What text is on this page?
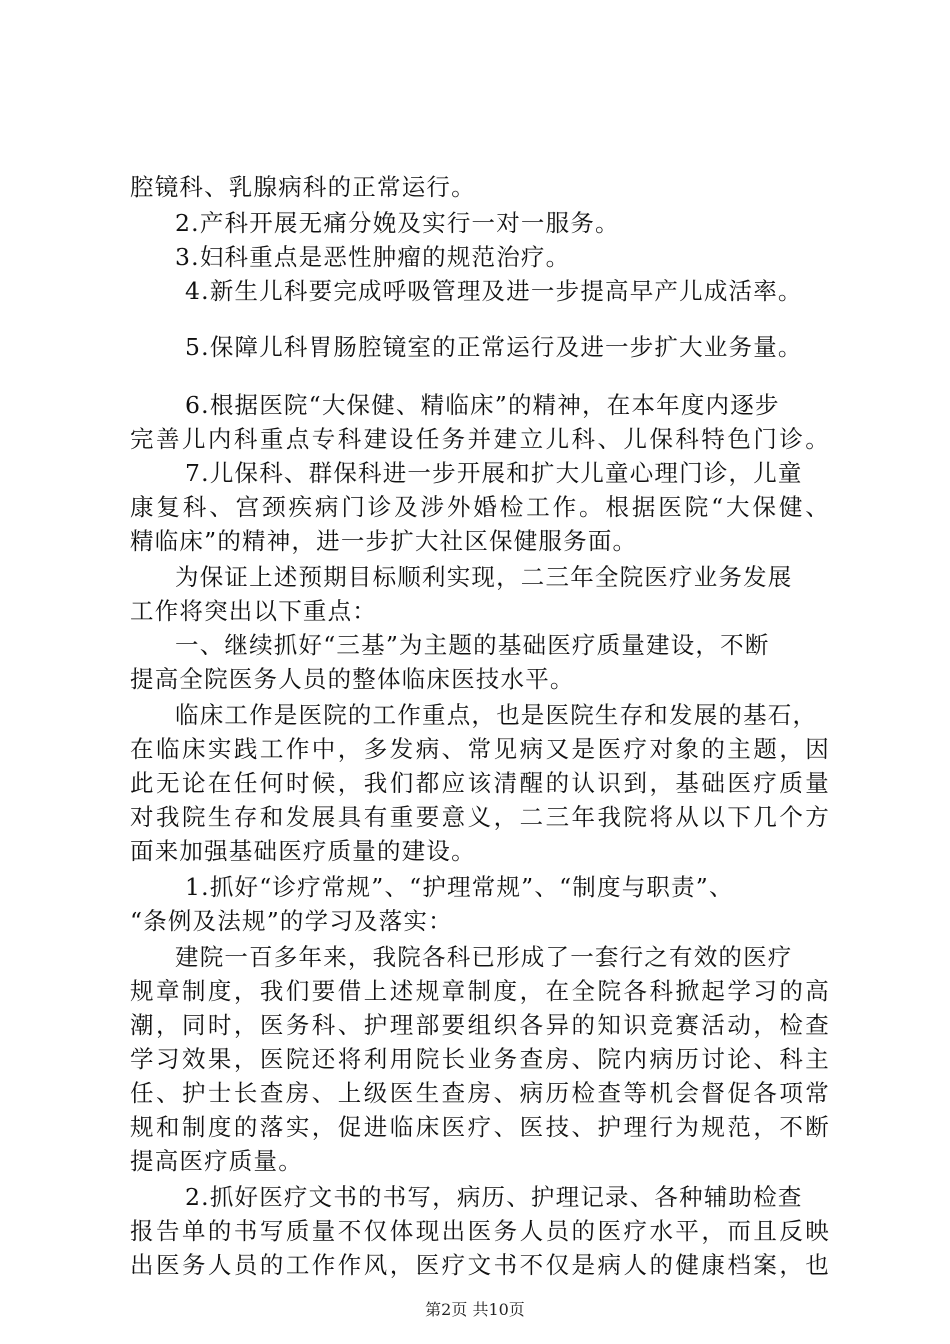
腔镜科、乳腺病科的正常运行。
2.产科开展无痛分娩及实行一对一服务。
3.妇科重点是恶性肿瘤的规范治疗。
4.新生儿科要完成呼吸管理及进一步提高早产儿成活率。
5.保障儿科胃肠腔镜室的正常运行及进一步扩大业务量。
6.根据医院“大保健、精临床”的精神，在本年度内逐步
完善儿内科重点专科建设任务并建立儿科、儿保科特色门诊。
7.儿保科、群保科进一步开展和扩大儿童心理门诊，儿童
康复科、宫颈疾病门诊及涉外婚检工作。根据医院“大保健、
精临床”的精神，进一步扩大社区保健服务面。
为保证上述预期目标顺利实现，二三年全院医疗业务发展
工作将突出以下重点：
一、继续抓好“三基”为主题的基础医疗质量建设，不断
提高全院医务人员的整体临床医技水平。
临床工作是医院的工作重点，也是医院生存和发展的基石，
在临床实践工作中，多发病、常见病又是医疗对象的主题，因
此无论在任何时候，我们都应该清醒的认识到，基础医疗质量
对我院生存和发展具有重要意义，二三年我院将从以下几个方
面来加强基础医疗质量的建设。
1.抓好“诊疗常规”、“护理常规”、“制度与职责”、
“条例及法规”的学习及落实：
建院一百多年来，我院各科已形成了一套行之有效的医疗
规章制度，我们要借上述规章制度，在全院各科掀起学习的高
潮，同时，医务科、护理部要组织各异的知识竞赛活动，检查
学习效果，医院还将利用院长业务查房、院内病历讨论、科主
任、护士长查房、上级医生查房、病历检查等机会督促各项常
规和制度的落实，促进临床医疗、医技、护理行为规范，不断
提高医疗质量。
2.抓好医疗文书的书写，病历、护理记录、各种辅助检查
报告单的书写质量不仅体现出医务人员的医疗水平，而且反映
出医务人员的工作作风，医疗文书不仅是病人的健康档案，也
第2页 共10页
